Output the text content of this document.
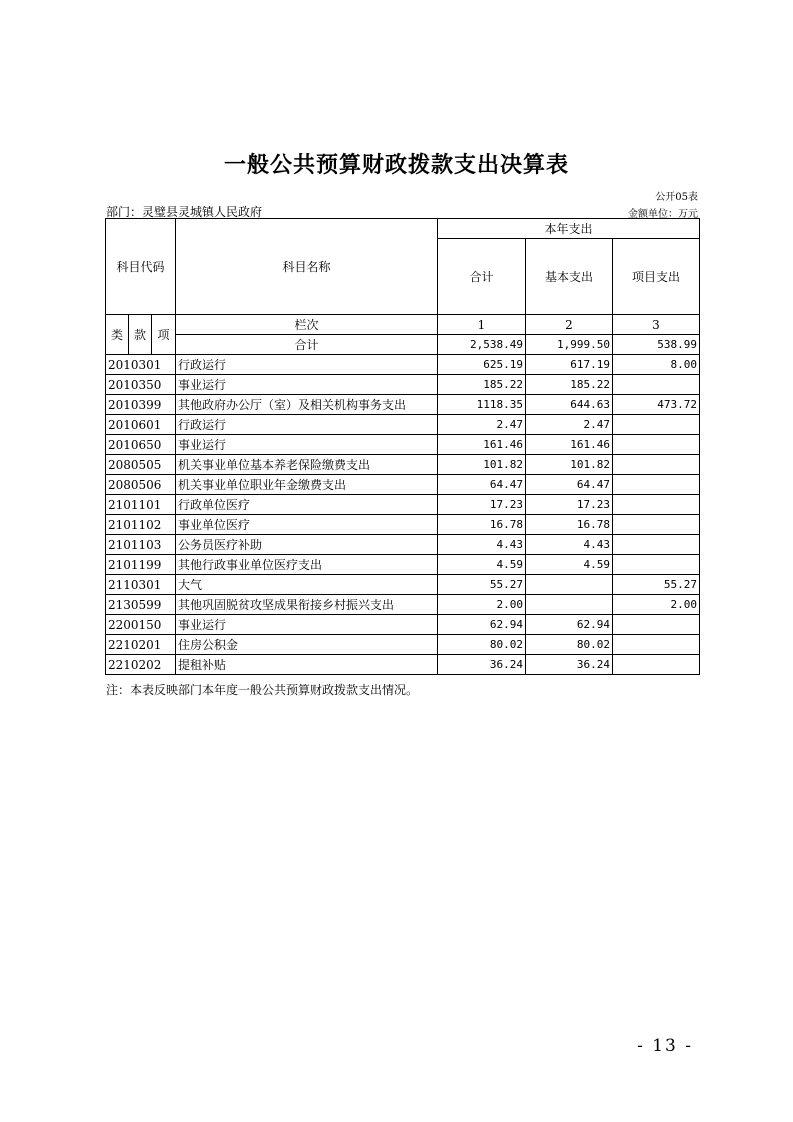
一般公共预算财政拨款支出决算表
公开05表
部门：灵璧县灵城镇人民政府	金额单位：万元
科目代码			科目名称	本年支出		
				合计	基本支出	项目支出
类	款	项	栏次	1	2	3
			合计	2,538.49	1,999.50	538.99
2010301			行政运行	625.19	617.19	8.00
2010350			事业运行	185.22	185.22	
2010399			其他政府办公厅（室）及相关机构事务支出	1118.35	644.63	473.72
2010601			行政运行	2.47	2.47	
2010650			事业运行	161.46	161.46	
2080505			机关事业单位基本养老保险缴费支出	101.82	101.82	
2080506			机关事业单位职业年金缴费支出	64.47	64.47	
2101101			行政单位医疗	17.23	17.23	
2101102			事业单位医疗	16.78	16.78	
2101103			公务员医疗补助	4.43	4.43	
2101199			其他行政事业单位医疗支出	4.59	4.59	
2110301			大气	55.27		55.27
2130599			其他巩固脱贫攻坚成果衔接乡村振兴支出	2.00		2.00
2200150			事业运行	62.94	62.94	
2210201			住房公积金	80.02	80.02	
2210202			提租补贴	36.24	36.24	
注：本表反映部门本年度一般公共预算财政拨款支出情况。
- 13 -
